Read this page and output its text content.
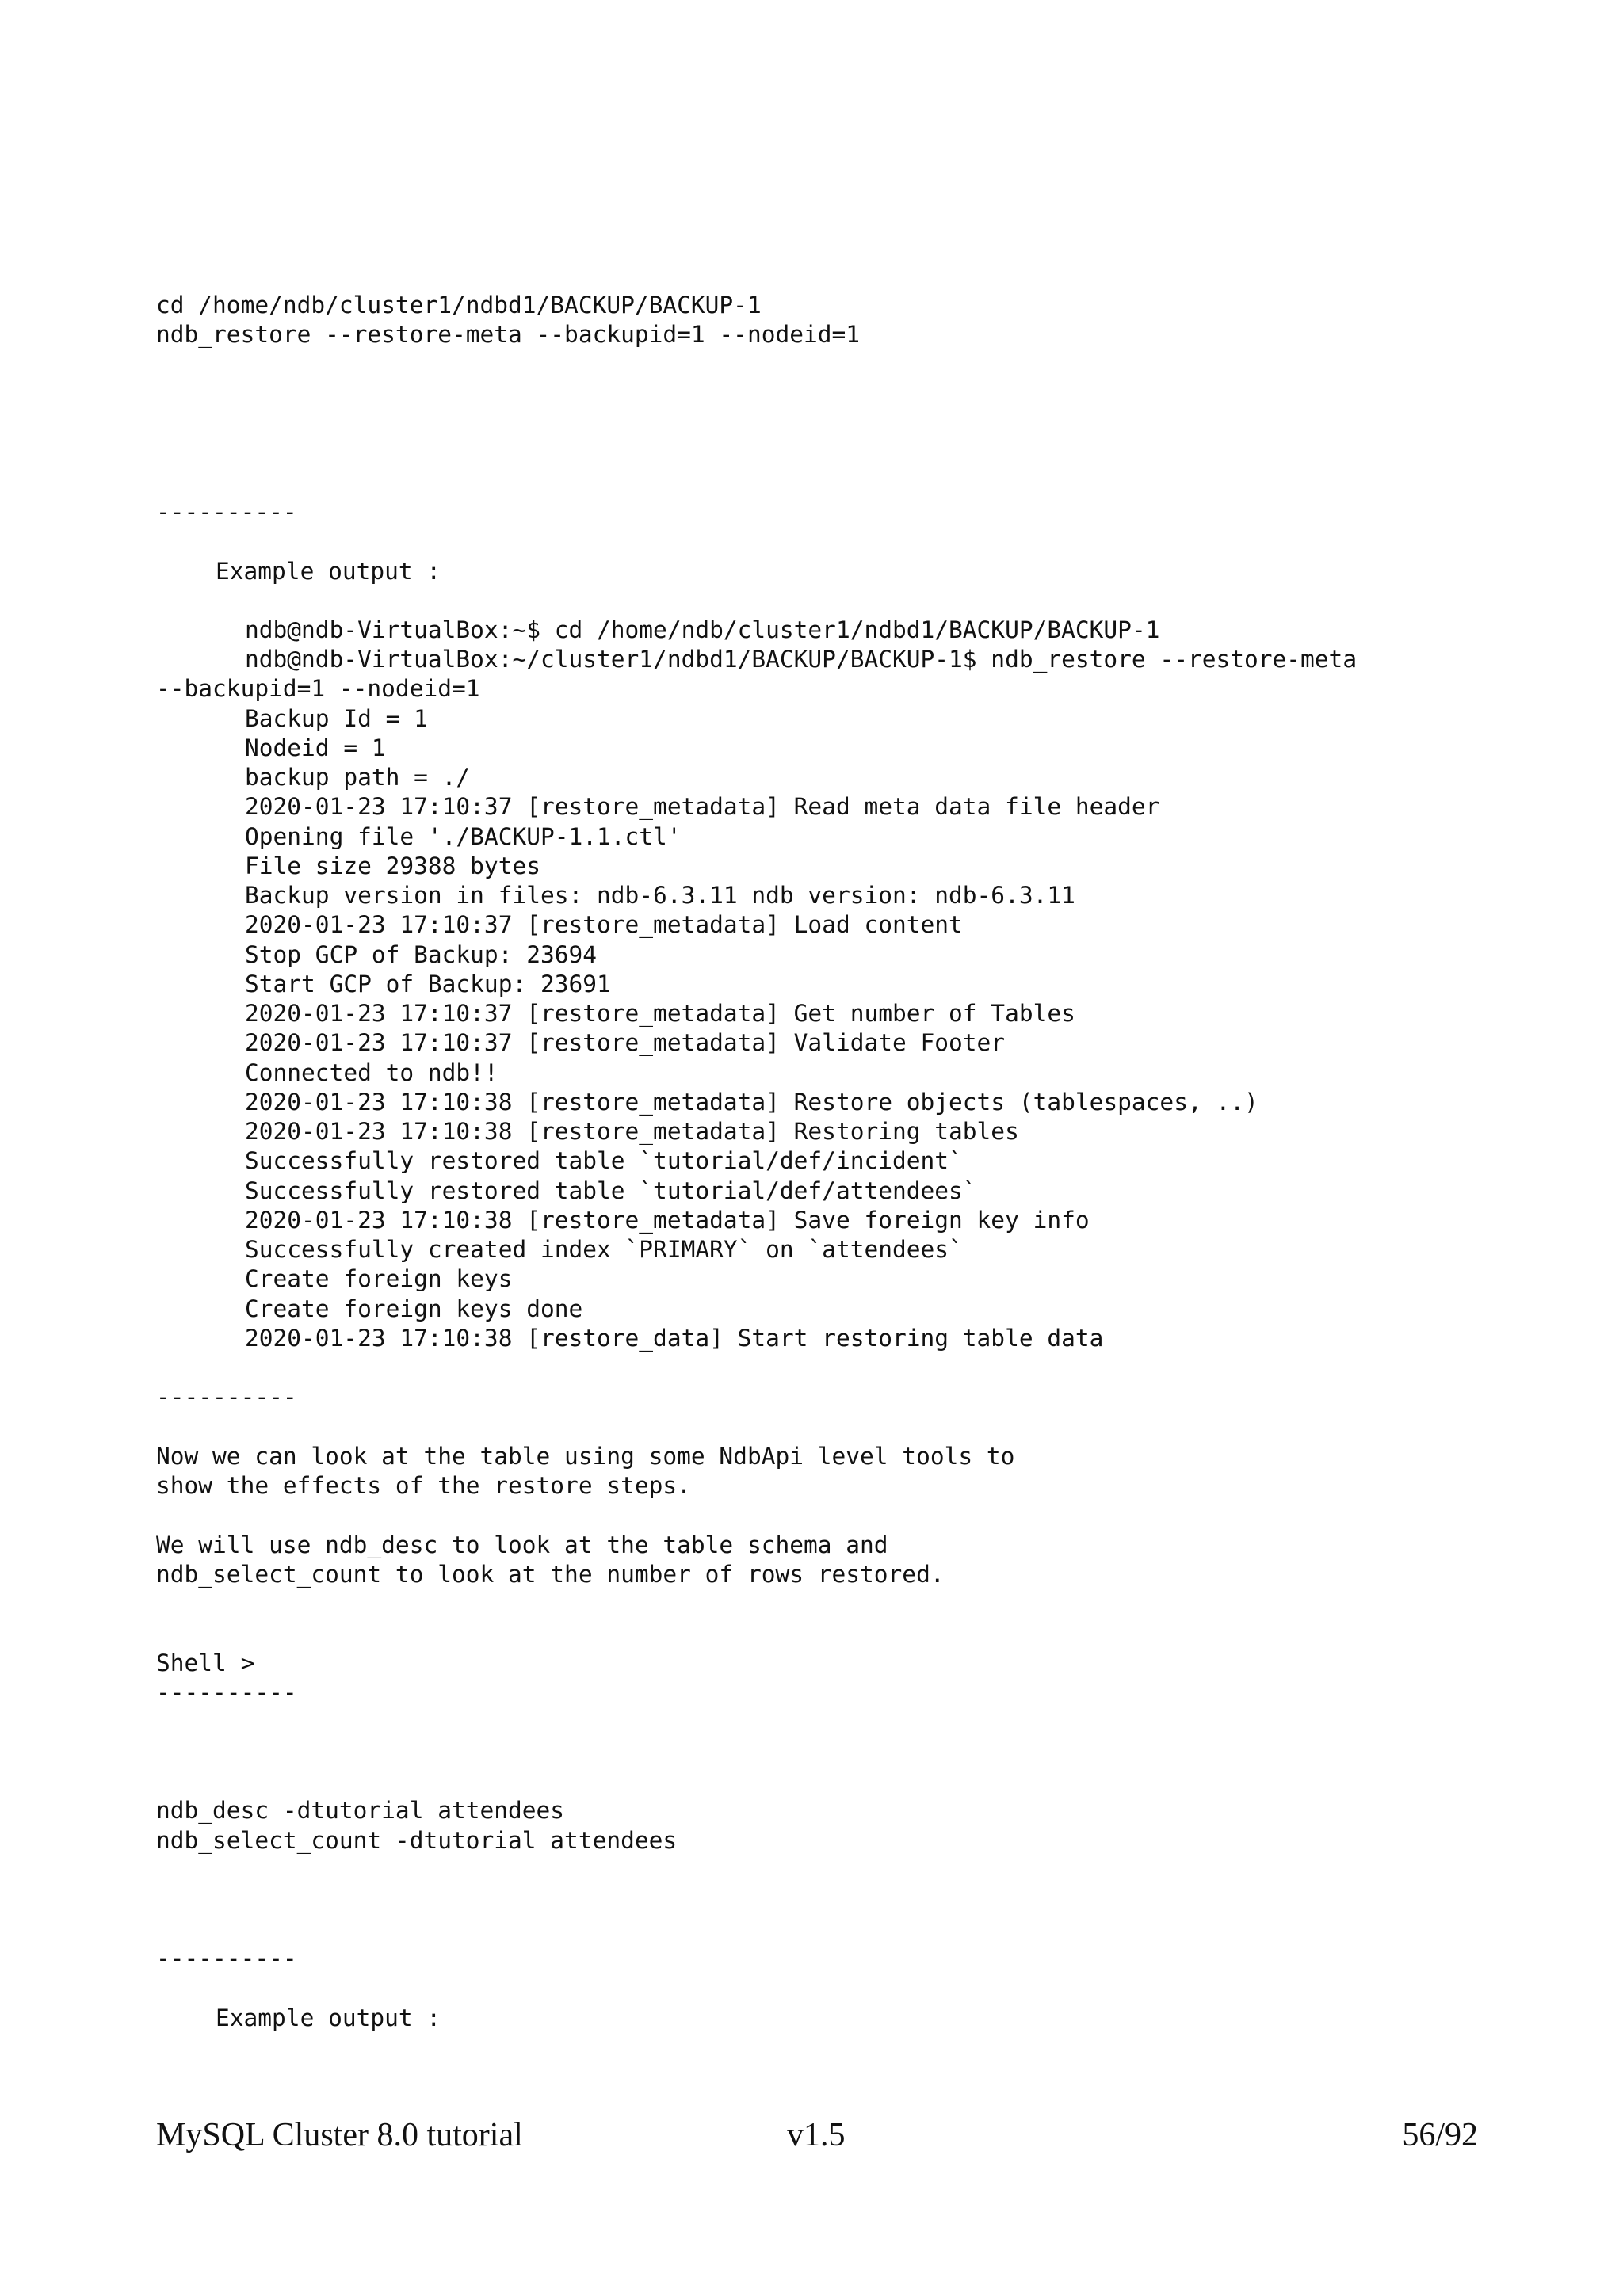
cd /home/ndb/cluster1/ndbd1/BACKUP/BACKUP-1
ndb_restore --restore-meta --backupid=1 --nodeid=1
----------
Example output :
ndb@ndb-VirtualBox:~$ cd /home/ndb/cluster1/ndbd1/BACKUP/BACKUP-1
ndb@ndb-VirtualBox:~/cluster1/ndbd1/BACKUP/BACKUP-1$ ndb_restore --restore-meta
--backupid=1 --nodeid=1
Backup Id = 1
Nodeid = 1
backup path = ./
2020-01-23 17:10:37 [restore_metadata] Read meta data file header
Opening file './BACKUP-1.1.ctl'
File size 29388 bytes
Backup version in files: ndb-6.3.11 ndb version: ndb-6.3.11
2020-01-23 17:10:37 [restore_metadata] Load content
Stop GCP of Backup: 23694
Start GCP of Backup: 23691
2020-01-23 17:10:37 [restore_metadata] Get number of Tables
2020-01-23 17:10:37 [restore_metadata] Validate Footer
Connected to ndb!!
2020-01-23 17:10:38 [restore_metadata] Restore objects (tablespaces, ..)
2020-01-23 17:10:38 [restore_metadata] Restoring tables
Successfully restored table `tutorial/def/incident`
Successfully restored table `tutorial/def/attendees`
2020-01-23 17:10:38 [restore_metadata] Save foreign key info
Successfully created index `PRIMARY` on `attendees`
Create foreign keys
Create foreign keys done
2020-01-23 17:10:38 [restore_data] Start restoring table data
----------
Now we can look at the table using some NdbApi level tools to
show the effects of the restore steps.
We will use ndb_desc to look at the table schema and
ndb_select_count to look at the number of rows restored.
Shell >
----------
ndb_desc -dtutorial attendees
ndb_select_count -dtutorial attendees
----------
Example output :
MySQL Cluster 8.0 tutorial	v1.5	56/92
